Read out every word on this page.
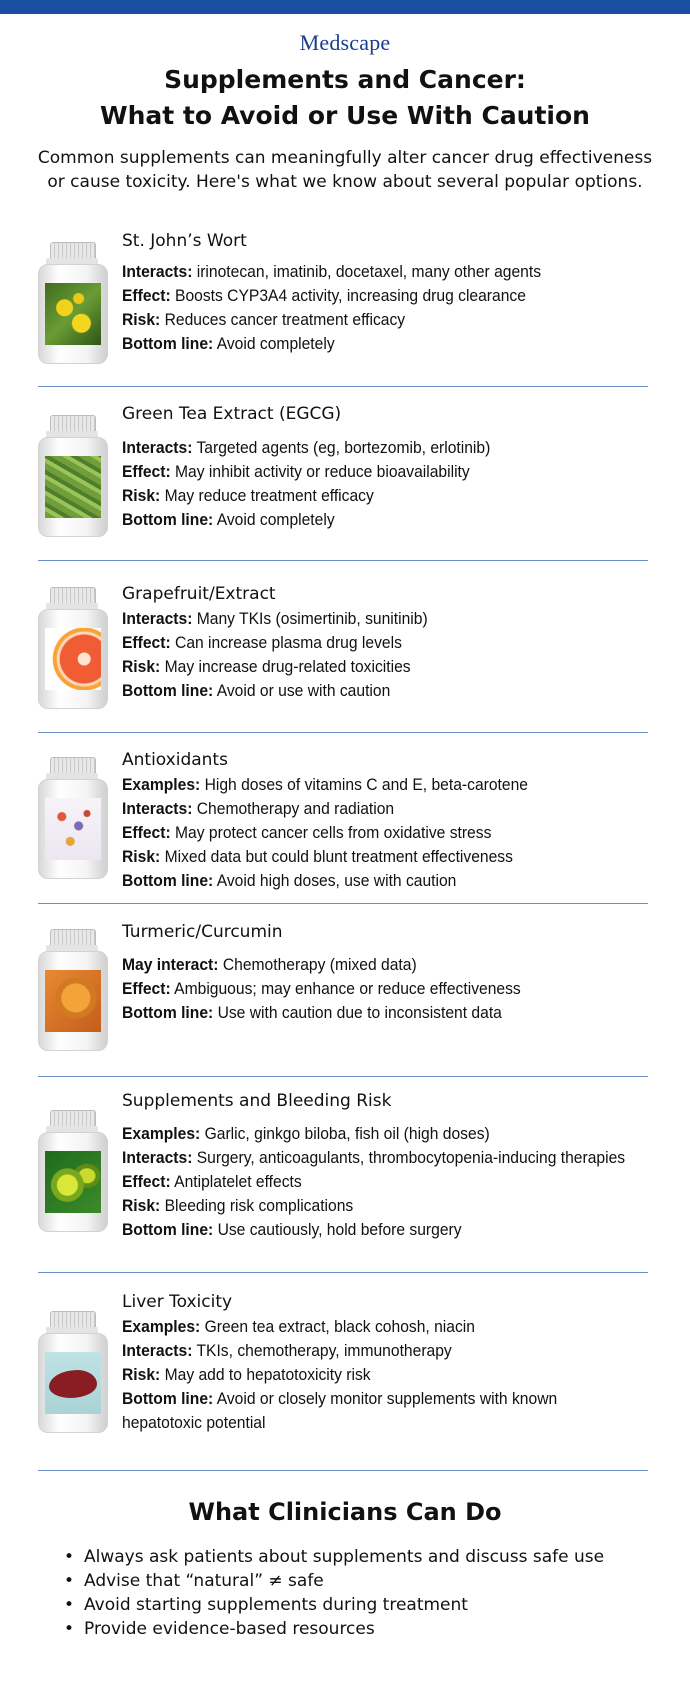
Medscape
Supplements and Cancer:
What to Avoid or Use With Caution
Common supplements can meaningfully alter cancer drug effectiveness
or cause toxicity. Here's what we know about several popular options.
St. John’s Wort
Interacts: irinotecan, imatinib, docetaxel, many other agents
Effect: Boosts CYP3A4 activity, increasing drug clearance
Risk: Reduces cancer treatment efficacy
Bottom line: Avoid completely
Green Tea Extract (EGCG)
Interacts: Targeted agents (eg, bortezomib, erlotinib)
Effect: May inhibit activity or reduce bioavailability
Risk: May reduce treatment efficacy
Bottom line: Avoid completely
Grapefruit/Extract
Interacts: Many TKIs (osimertinib, sunitinib)
Effect: Can increase plasma drug levels
Risk: May increase drug-related toxicities
Bottom line: Avoid or use with caution
Antioxidants
Examples: High doses of vitamins C and E, beta-carotene
Interacts: Chemotherapy and radiation
Effect: May protect cancer cells from oxidative stress
Risk: Mixed data but could blunt treatment effectiveness
Bottom line: Avoid high doses, use with caution
Turmeric/Curcumin
May interact: Chemotherapy (mixed data)
Effect: Ambiguous; may enhance or reduce effectiveness
Bottom line: Use with caution due to inconsistent data
Supplements and Bleeding Risk
Examples: Garlic, ginkgo biloba, fish oil (high doses)
Interacts: Surgery, anticoagulants, thrombocytopenia-inducing therapies
Effect: Antiplatelet effects
Risk: Bleeding risk complications
Bottom line: Use cautiously, hold before surgery
Liver Toxicity
Examples: Green tea extract, black cohosh, niacin
Interacts: TKIs, chemotherapy, immunotherapy
Risk: May add to hepatotoxicity risk
Bottom line: Avoid or closely monitor supplements with known
hepatotoxic potential
What Clinicians Can Do
• Always ask patients about supplements and discuss safe use
• Advise that “natural” ≠ safe
• Avoid starting supplements during treatment
• Provide evidence-based resources
